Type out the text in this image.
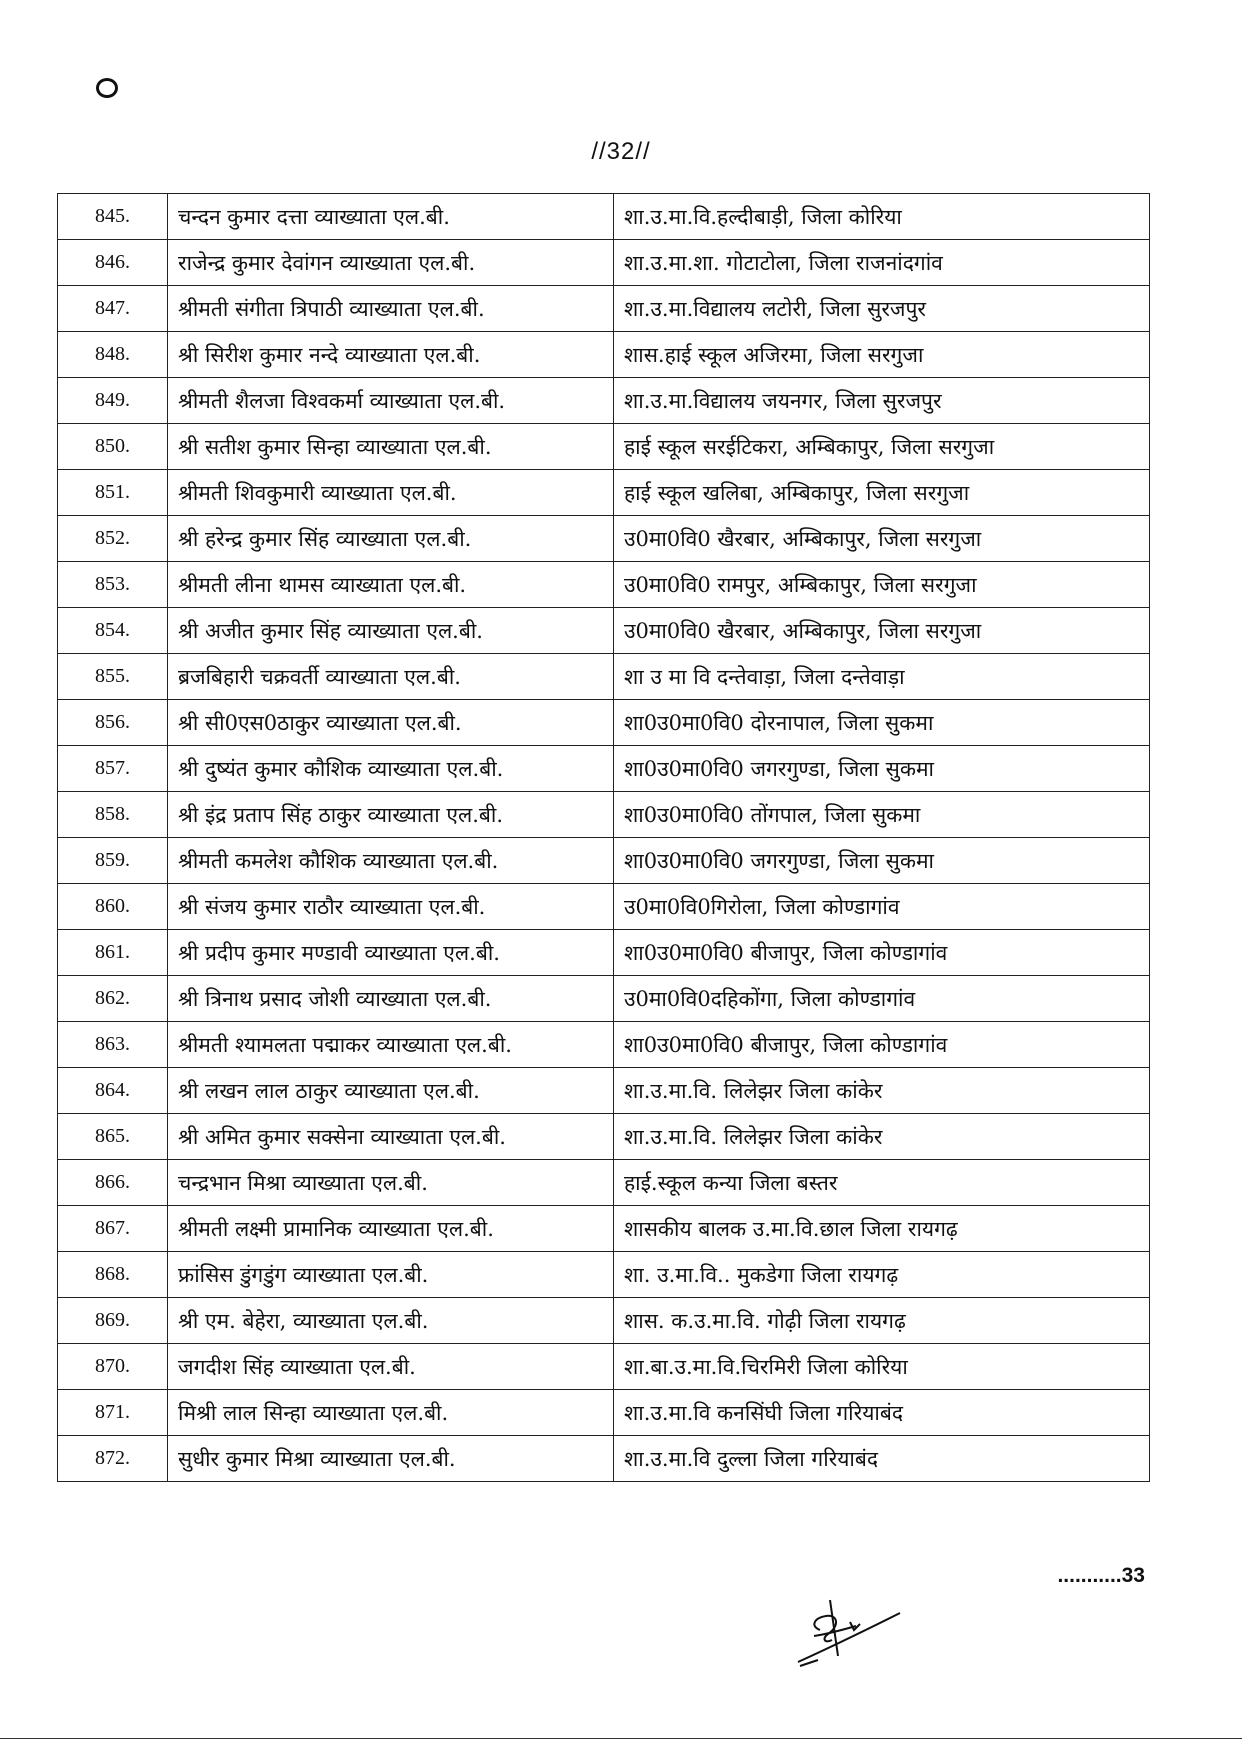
//32//
845.	चन्दन कुमार दत्ता व्याख्याता एल.बी.	शा.उ.मा.वि.हल्दीबाड़ी, जिला कोरिया
846.	राजेन्द्र कुमार देवांगन व्याख्याता एल.बी.	शा.उ.मा.शा. गोटाटोला, जिला राजनांदगांव
847.	श्रीमती संगीता त्रिपाठी व्याख्याता एल.बी.	शा.उ.मा.विद्यालय लटोरी, जिला सुरजपुर
848.	श्री सिरीश कुमार नन्दे व्याख्याता एल.बी.	शास.हाई स्कूल अजिरमा, जिला सरगुजा
849.	श्रीमती शैलजा विश्वकर्मा व्याख्याता एल.बी.	शा.उ.मा.विद्यालय जयनगर, जिला सुरजपुर
850.	श्री सतीश कुमार सिन्हा व्याख्याता एल.बी.	हाई स्कूल सरईटिकरा, अम्बिकापुर, जिला सरगुजा
851.	श्रीमती शिवकुमारी व्याख्याता एल.बी.	हाई स्कूल खलिबा, अम्बिकापुर, जिला सरगुजा
852.	श्री हरेन्द्र कुमार सिंह व्याख्याता एल.बी.	उ0मा0वि0 खैरबार, अम्बिकापुर, जिला सरगुजा
853.	श्रीमती लीना थामस व्याख्याता एल.बी.	उ0मा0वि0 रामपुर, अम्बिकापुर, जिला सरगुजा
854.	श्री अजीत कुमार सिंह व्याख्याता एल.बी.	उ0मा0वि0 खैरबार, अम्बिकापुर, जिला सरगुजा
855.	ब्रजबिहारी चक्रवर्ती व्याख्याता एल.बी.	शा उ मा वि दन्तेवाड़ा, जिला दन्तेवाड़ा
856.	श्री सी0एस0ठाकुर व्याख्याता एल.बी.	शा0उ0मा0वि0 दोरनापाल, जिला सुकमा
857.	श्री दुष्यंत कुमार कौशिक व्याख्याता एल.बी.	शा0उ0मा0वि0 जगरगुण्डा, जिला सुकमा
858.	श्री इंद्र प्रताप सिंह ठाकुर व्याख्याता एल.बी.	शा0उ0मा0वि0 तोंगपाल, जिला सुकमा
859.	श्रीमती कमलेश कौशिक व्याख्याता एल.बी.	शा0उ0मा0वि0 जगरगुण्डा, जिला सुकमा
860.	श्री संजय कुमार राठौर व्याख्याता एल.बी.	उ0मा0वि0गिरोला, जिला कोण्डागांव
861.	श्री प्रदीप कुमार मण्डावी व्याख्याता एल.बी.	शा0उ0मा0वि0 बीजापुर, जिला कोण्डागांव
862.	श्री त्रिनाथ प्रसाद जोशी व्याख्याता एल.बी.	उ0मा0वि0दहिकोंगा, जिला कोण्डागांव
863.	श्रीमती श्यामलता पद्माकर व्याख्याता एल.बी.	शा0उ0मा0वि0 बीजापुर, जिला कोण्डागांव
864.	श्री लखन लाल ठाकुर व्याख्याता एल.बी.	शा.उ.मा.वि. लिलेझर जिला कांकेर
865.	श्री अमित कुमार सक्सेना व्याख्याता एल.बी.	शा.उ.मा.वि. लिलेझर जिला कांकेर
866.	चन्द्रभान मिश्रा व्याख्याता एल.बी.	हाई.स्कूल कन्या जिला बस्तर
867.	श्रीमती लक्ष्मी प्रामानिक व्याख्याता एल.बी.	शासकीय बालक उ.मा.वि.छाल जिला रायगढ़
868.	फ्रांसिस डुंगडुंग व्याख्याता एल.बी.	शा. उ.मा.वि.. मुकडेगा जिला रायगढ़
869.	श्री एम. बेहेरा, व्याख्याता एल.बी.	शास. क.उ.मा.वि. गोढ़ी जिला रायगढ़
870.	जगदीश सिंह व्याख्याता एल.बी.	शा.बा.उ.मा.वि.चिरमिरी जिला कोरिया
871.	मिश्री लाल सिन्हा व्याख्याता एल.बी.	शा.उ.मा.वि कनसिंघी जिला गरियाबंद
872.	सुधीर कुमार मिश्रा व्याख्याता एल.बी.	शा.उ.मा.वि दुल्ला जिला गरियाबंद
...........33
